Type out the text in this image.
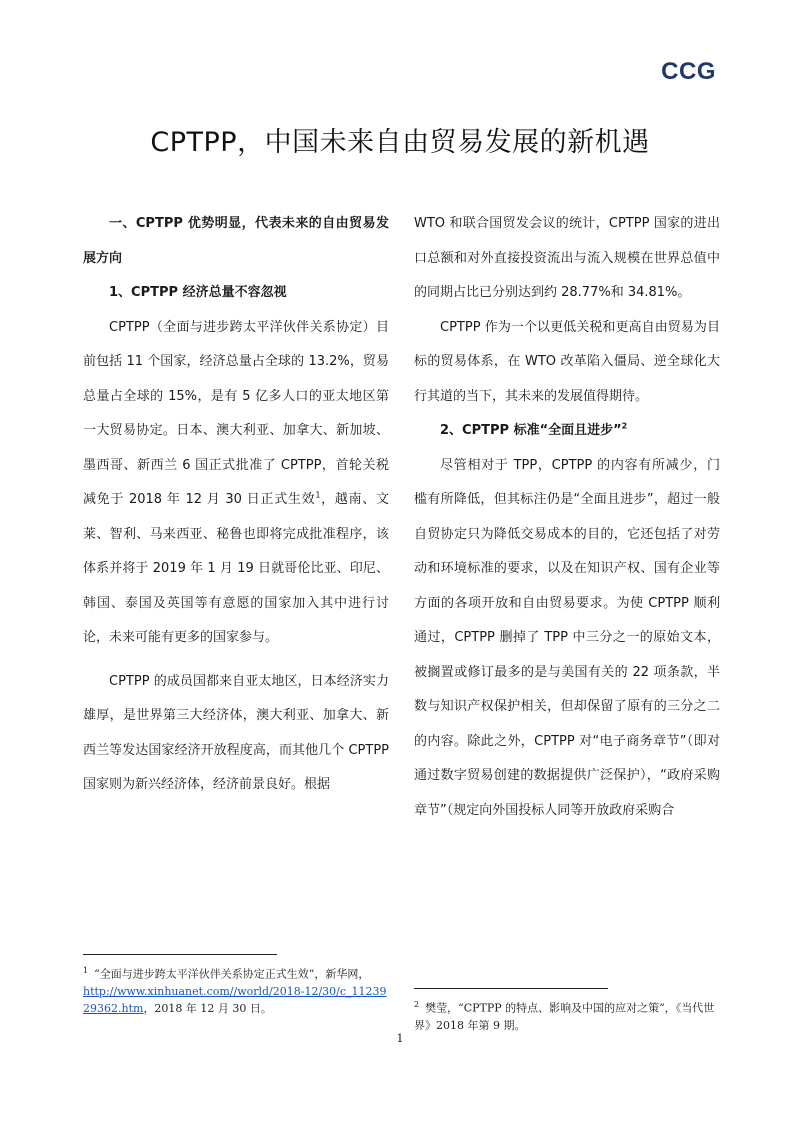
CCG
CPTPP，中国未来自由贸易发展的新机遇

一、CPTPP 优势明显，代表未来的自由贸易发展方向

1、CPTPP 经济总量不容忽视

CPTPP（全面与进步跨太平洋伙伴关系协定）目前包括 11 个国家，经济总量占全球的 13.2%，贸易总量占全球的 15%，是有 5 亿多人口的亚太地区第一大贸易协定。日本、澳大利亚、加拿大、新加坡、墨西哥、新西兰 6 国正式批准了 CPTPP，首轮关税减免于 2018 年 12 月 30 日正式生效$^1$，越南、文莱、智利、马来西亚、秘鲁也即将完成批准程序，该体系并将于 2019 年 1 月 19 日就哥伦比亚、印尼、韩国、泰国及英国等有意愿的国家加入其中进行讨论，未来可能有更多的国家参与。

CPTPP 的成员国都来自亚太地区，日本经济实力雄厚，是世界第三大经济体，澳大利亚、加拿大、新西兰等发达国家经济开放程度高，而其他几个 CPTPP 国家则为新兴经济体，经济前景良好。根据

WTO 和联合国贸发会议的统计，CPTPP 国家的进出口总额和对外直接投资流出与流入规模在世界总值中的同期占比已分别达到约 28.77%和 34.81%。

CPTPP 作为一个以更低关税和更高自由贸易为目标的贸易体系，在 WTO 改革陷入僵局、逆全球化大行其道的当下，其未来的发展值得期待。

2、CPTPP 标准“全面且进步”$^2$

尽管相对于 TPP，CPTPP 的内容有所减少，门槛有所降低，但其标注仍是“全面且进步”，超过一般自贸协定只为降低交易成本的目的，它还包括了对劳动和环境标准的要求，以及在知识产权、国有企业等方面的各项开放和自由贸易要求。为使 CPTPP 顺利通过，CPTPP 删掉了 TPP 中三分之一的原始文本，被搁置或修订最多的是与美国有关的 22 项条款，半数与知识产权保护相关，但却保留了原有的三分之二的内容。除此之外，CPTPP 对“电子商务章节”（即对通过数字贸易创建的数据提供广泛保护），“政府采购章节”（规定向外国投标人同等开放政府采购合

$^1$ “全面与进步跨太平洋伙伴关系协定正式生效”，新华网，
http://www.xinhuanet.com//world/2018-12/30/c_1123929362.htm，2018 年 12 月 30 日。	$^2$ 樊莹，“CPTPP 的特点、影响及中国的应对之策”，《当代世界》2018 年第 9 期。
1
